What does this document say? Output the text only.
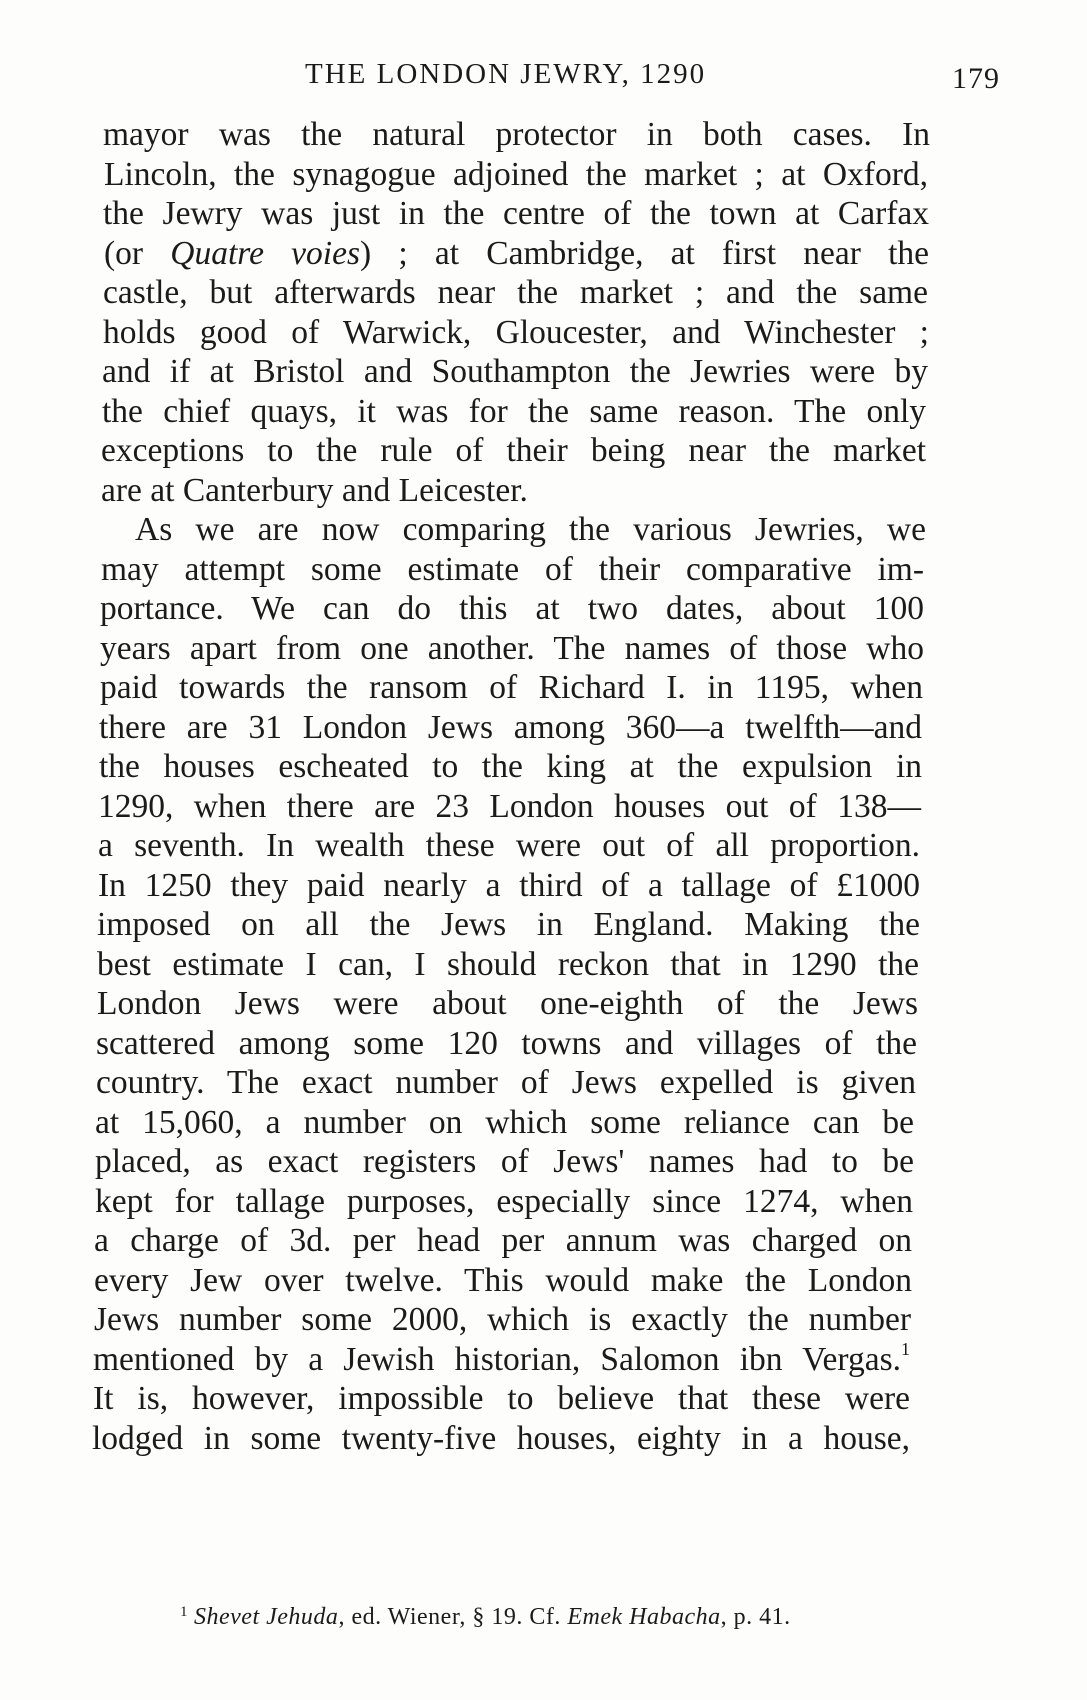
THE LONDON JEWRY, 1290	179
mayor was the natural protector in both cases. In
Lincoln, the synagogue adjoined the market ; at Oxford,
the Jewry was just in the centre of the town at Carfax
(or Quatre voies) ; at Cambridge, at first near the
castle, but afterwards near the market ; and the same
holds good of Warwick, Gloucester, and Winchester ;
and if at Bristol and Southampton the Jewries were by
the chief quays, it was for the same reason. The only
exceptions to the rule of their being near the market
are at Canterbury and Leicester.
As we are now comparing the various Jewries, we
may attempt some estimate of their comparative im-
portance. We can do this at two dates, about 100
years apart from one another. The names of those who
paid towards the ransom of Richard I. in 1195, when
there are 31 London Jews among 360—a twelfth—and
the houses escheated to the king at the expulsion in
1290, when there are 23 London houses out of 138—
a seventh. In wealth these were out of all proportion.
In 1250 they paid nearly a third of a tallage of £1000
imposed on all the Jews in England. Making the
best estimate I can, I should reckon that in 1290 the
London Jews were about one-eighth of the Jews
scattered among some 120 towns and villages of the
country. The exact number of Jews expelled is given
at 15,060, a number on which some reliance can be
placed, as exact registers of Jews' names had to be
kept for tallage purposes, especially since 1274, when
a charge of 3d. per head per annum was charged on
every Jew over twelve. This would make the London
Jews number some 2000, which is exactly the number
mentioned by a Jewish historian, Salomon ibn Vergas.$^1$
It is, however, impossible to believe that these were
lodged in some twenty-five houses, eighty in a house,
$^1$ Shevet Jehuda, ed. Wiener, § 19. Cf. Emek Habacha, p. 41.
